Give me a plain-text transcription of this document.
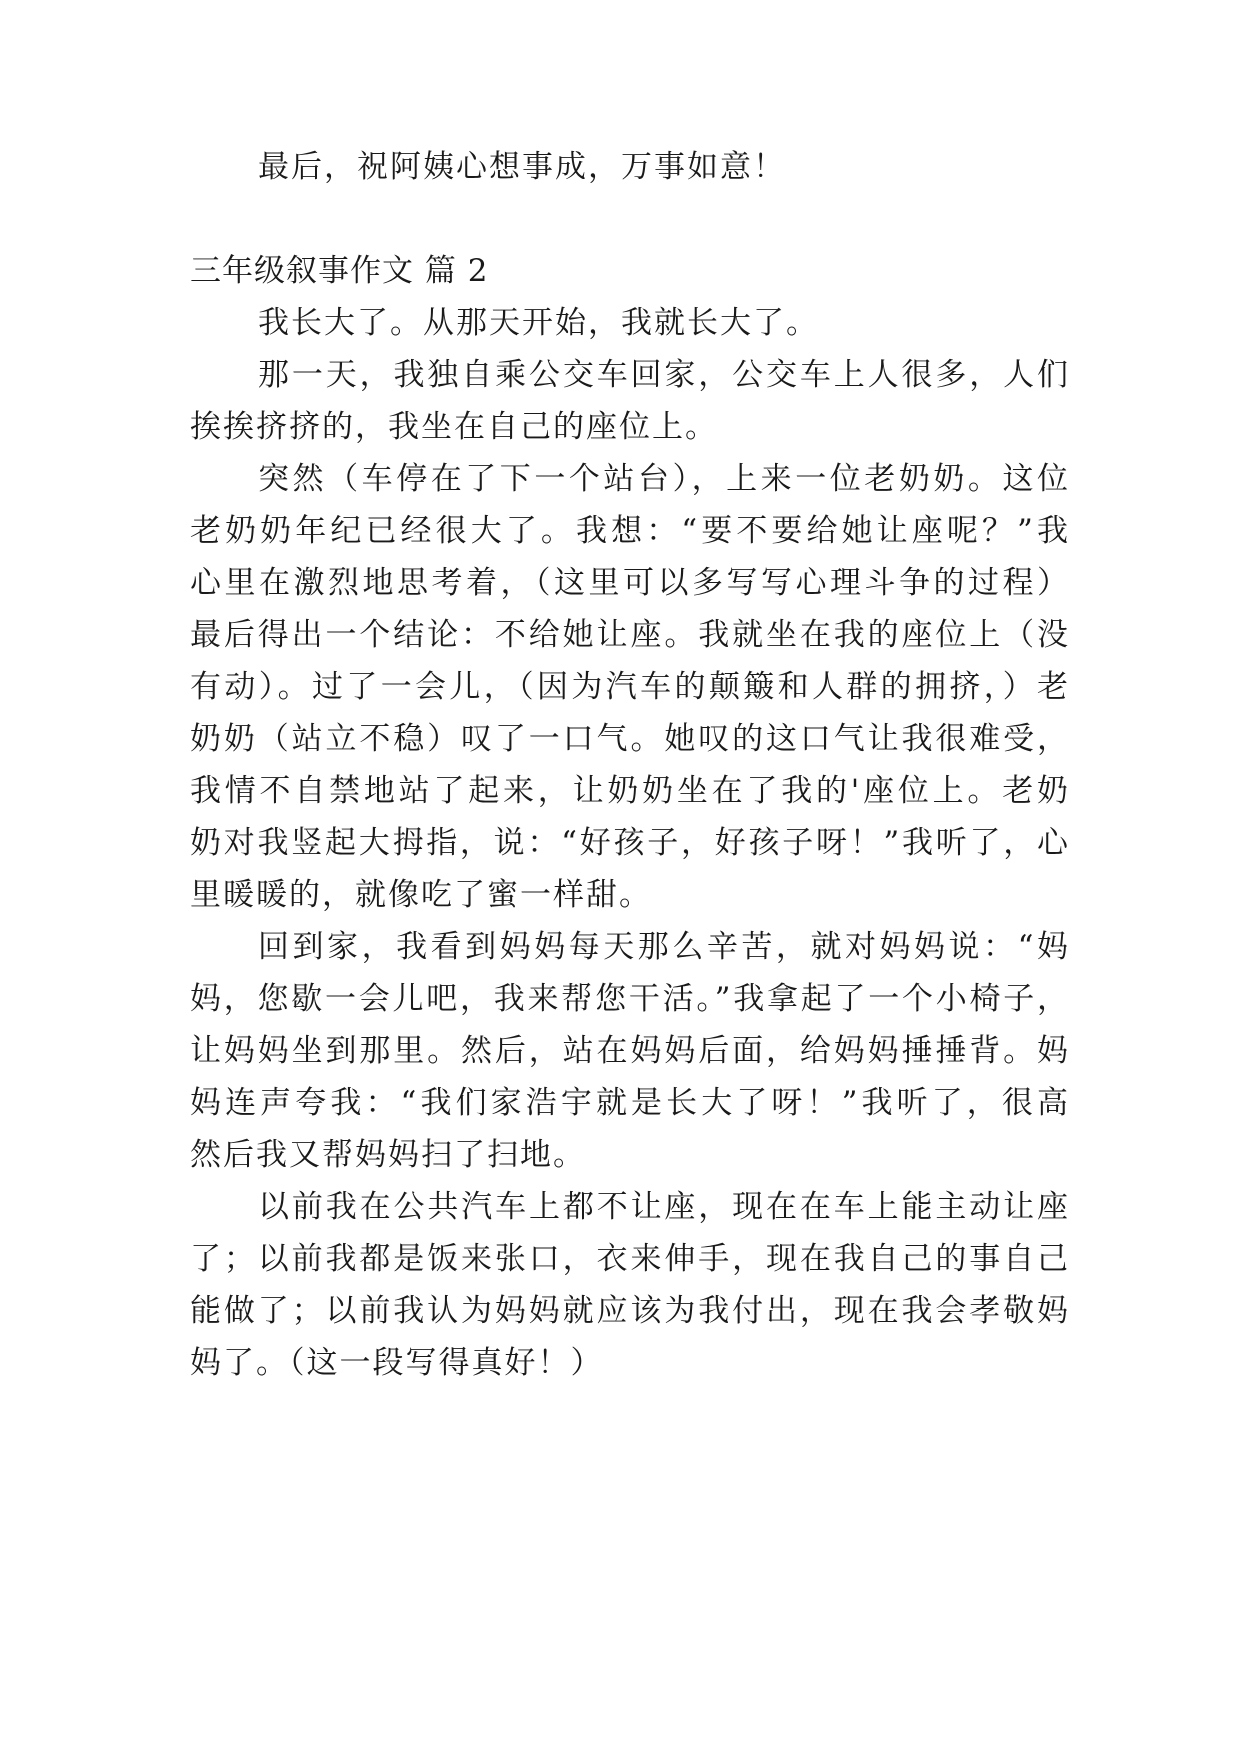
最后，祝阿姨心想事成，万事如意！
三年级叙事作文 篇 2
我长大了。从那天开始，我就长大了。
那一天，我独自乘公交车回家，公交车上人很多，人们
挨挨挤挤的，我坐在自己的座位上。
突然（车停在了下一个站台），上来一位老奶奶。这位
老奶奶年纪已经很大了。我想：“要不要给她让座呢？”我
心里在激烈地思考着，（这里可以多写写心理斗争的过程）
最后得出一个结论：不给她让座。我就坐在我的座位上（没
有动）。过了一会儿，（因为汽车的颠簸和人群的拥挤，）老
奶奶（站立不稳）叹了一口气。她叹的这口气让我很难受，
我情不自禁地站了起来，让奶奶坐在了我的'座位上。老奶
奶对我竖起大拇指，说：“好孩子，好孩子呀！”我听了，心
里暖暖的，就像吃了蜜一样甜。
回到家，我看到妈妈每天那么辛苦，就对妈妈说：“妈
妈，您歇一会儿吧，我来帮您干活。”我拿起了一个小椅子，
让妈妈坐到那里。然后，站在妈妈后面，给妈妈捶捶背。妈
妈连声夸我：“我们家浩宇就是长大了呀！”我听了，很高
然后我又帮妈妈扫了扫地。
以前我在公共汽车上都不让座，现在在车上能主动让座
了；以前我都是饭来张口，衣来伸手，现在我自己的事自己
能做了；以前我认为妈妈就应该为我付出，现在我会孝敬妈
妈了。（这一段写得真好！）
